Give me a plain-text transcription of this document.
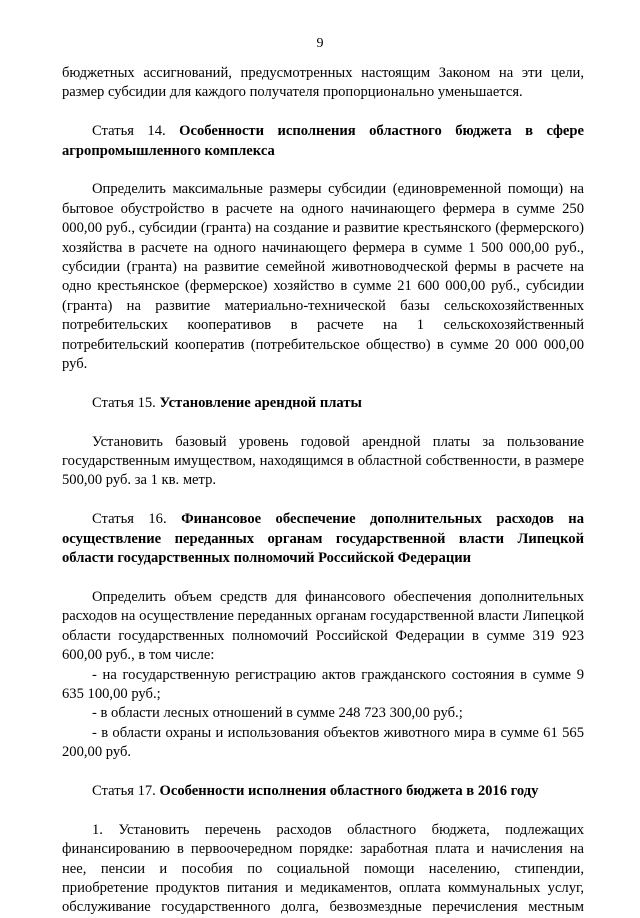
9

бюджетных ассигнований, предусмотренных настоящим Законом на эти цели, размер субсидии для каждого получателя пропорционально уменьшается.

Статья 14. Особенности исполнения областного бюджета в сфере агропромышленного комплекса

Определить максимальные размеры субсидии (единовременной помощи) на бытовое обустройство в расчете на одного начинающего фермера в сумме 250 000,00 руб., субсидии (гранта) на создание и развитие крестьянского (фермерского) хозяйства в расчете на одного начинающего фермера в сумме 1 500 000,00 руб., субсидии (гранта) на развитие семейной животноводческой фермы в расчете на одно крестьянское (фермерское) хозяйство в сумме 21 600 000,00 руб., субсидии (гранта) на развитие материально-технической базы сельскохозяйственных потребительских кооперативов в расчете на 1 сельскохозяйственный потребительский кооператив (потребительское общество) в сумме 20 000 000,00 руб.

Статья 15. Установление арендной платы

Установить базовый уровень годовой арендной платы за пользование государственным имуществом, находящимся в областной собственности, в размере 500,00 руб. за 1 кв. метр.

Статья 16. Финансовое обеспечение дополнительных расходов на осуществление переданных органам государственной власти Липецкой области государственных полномочий Российской Федерации

Определить объем средств для финансового обеспечения дополнительных расходов на осуществление переданных органам государственной власти Липецкой области государственных полномочий Российской Федерации в сумме 319 923 600,00 руб., в том числе:

- на государственную регистрацию актов гражданского состояния в сумме 9 635 100,00 руб.;

- в области лесных отношений в сумме 248 723 300,00 руб.;

- в области охраны и использования объектов животного мира в сумме 61 565 200,00 руб.

Статья 17. Особенности исполнения областного бюджета в 2016 году

1. Установить перечень расходов областного бюджета, подлежащих финансированию в первоочередном порядке: заработная плата и начисления на нее, пенсии и пособия по социальной помощи населению, стипендии, приобретение продуктов питания и медикаментов, оплата коммунальных услуг, обслуживание государственного долга, безвозмездные перечисления местным
